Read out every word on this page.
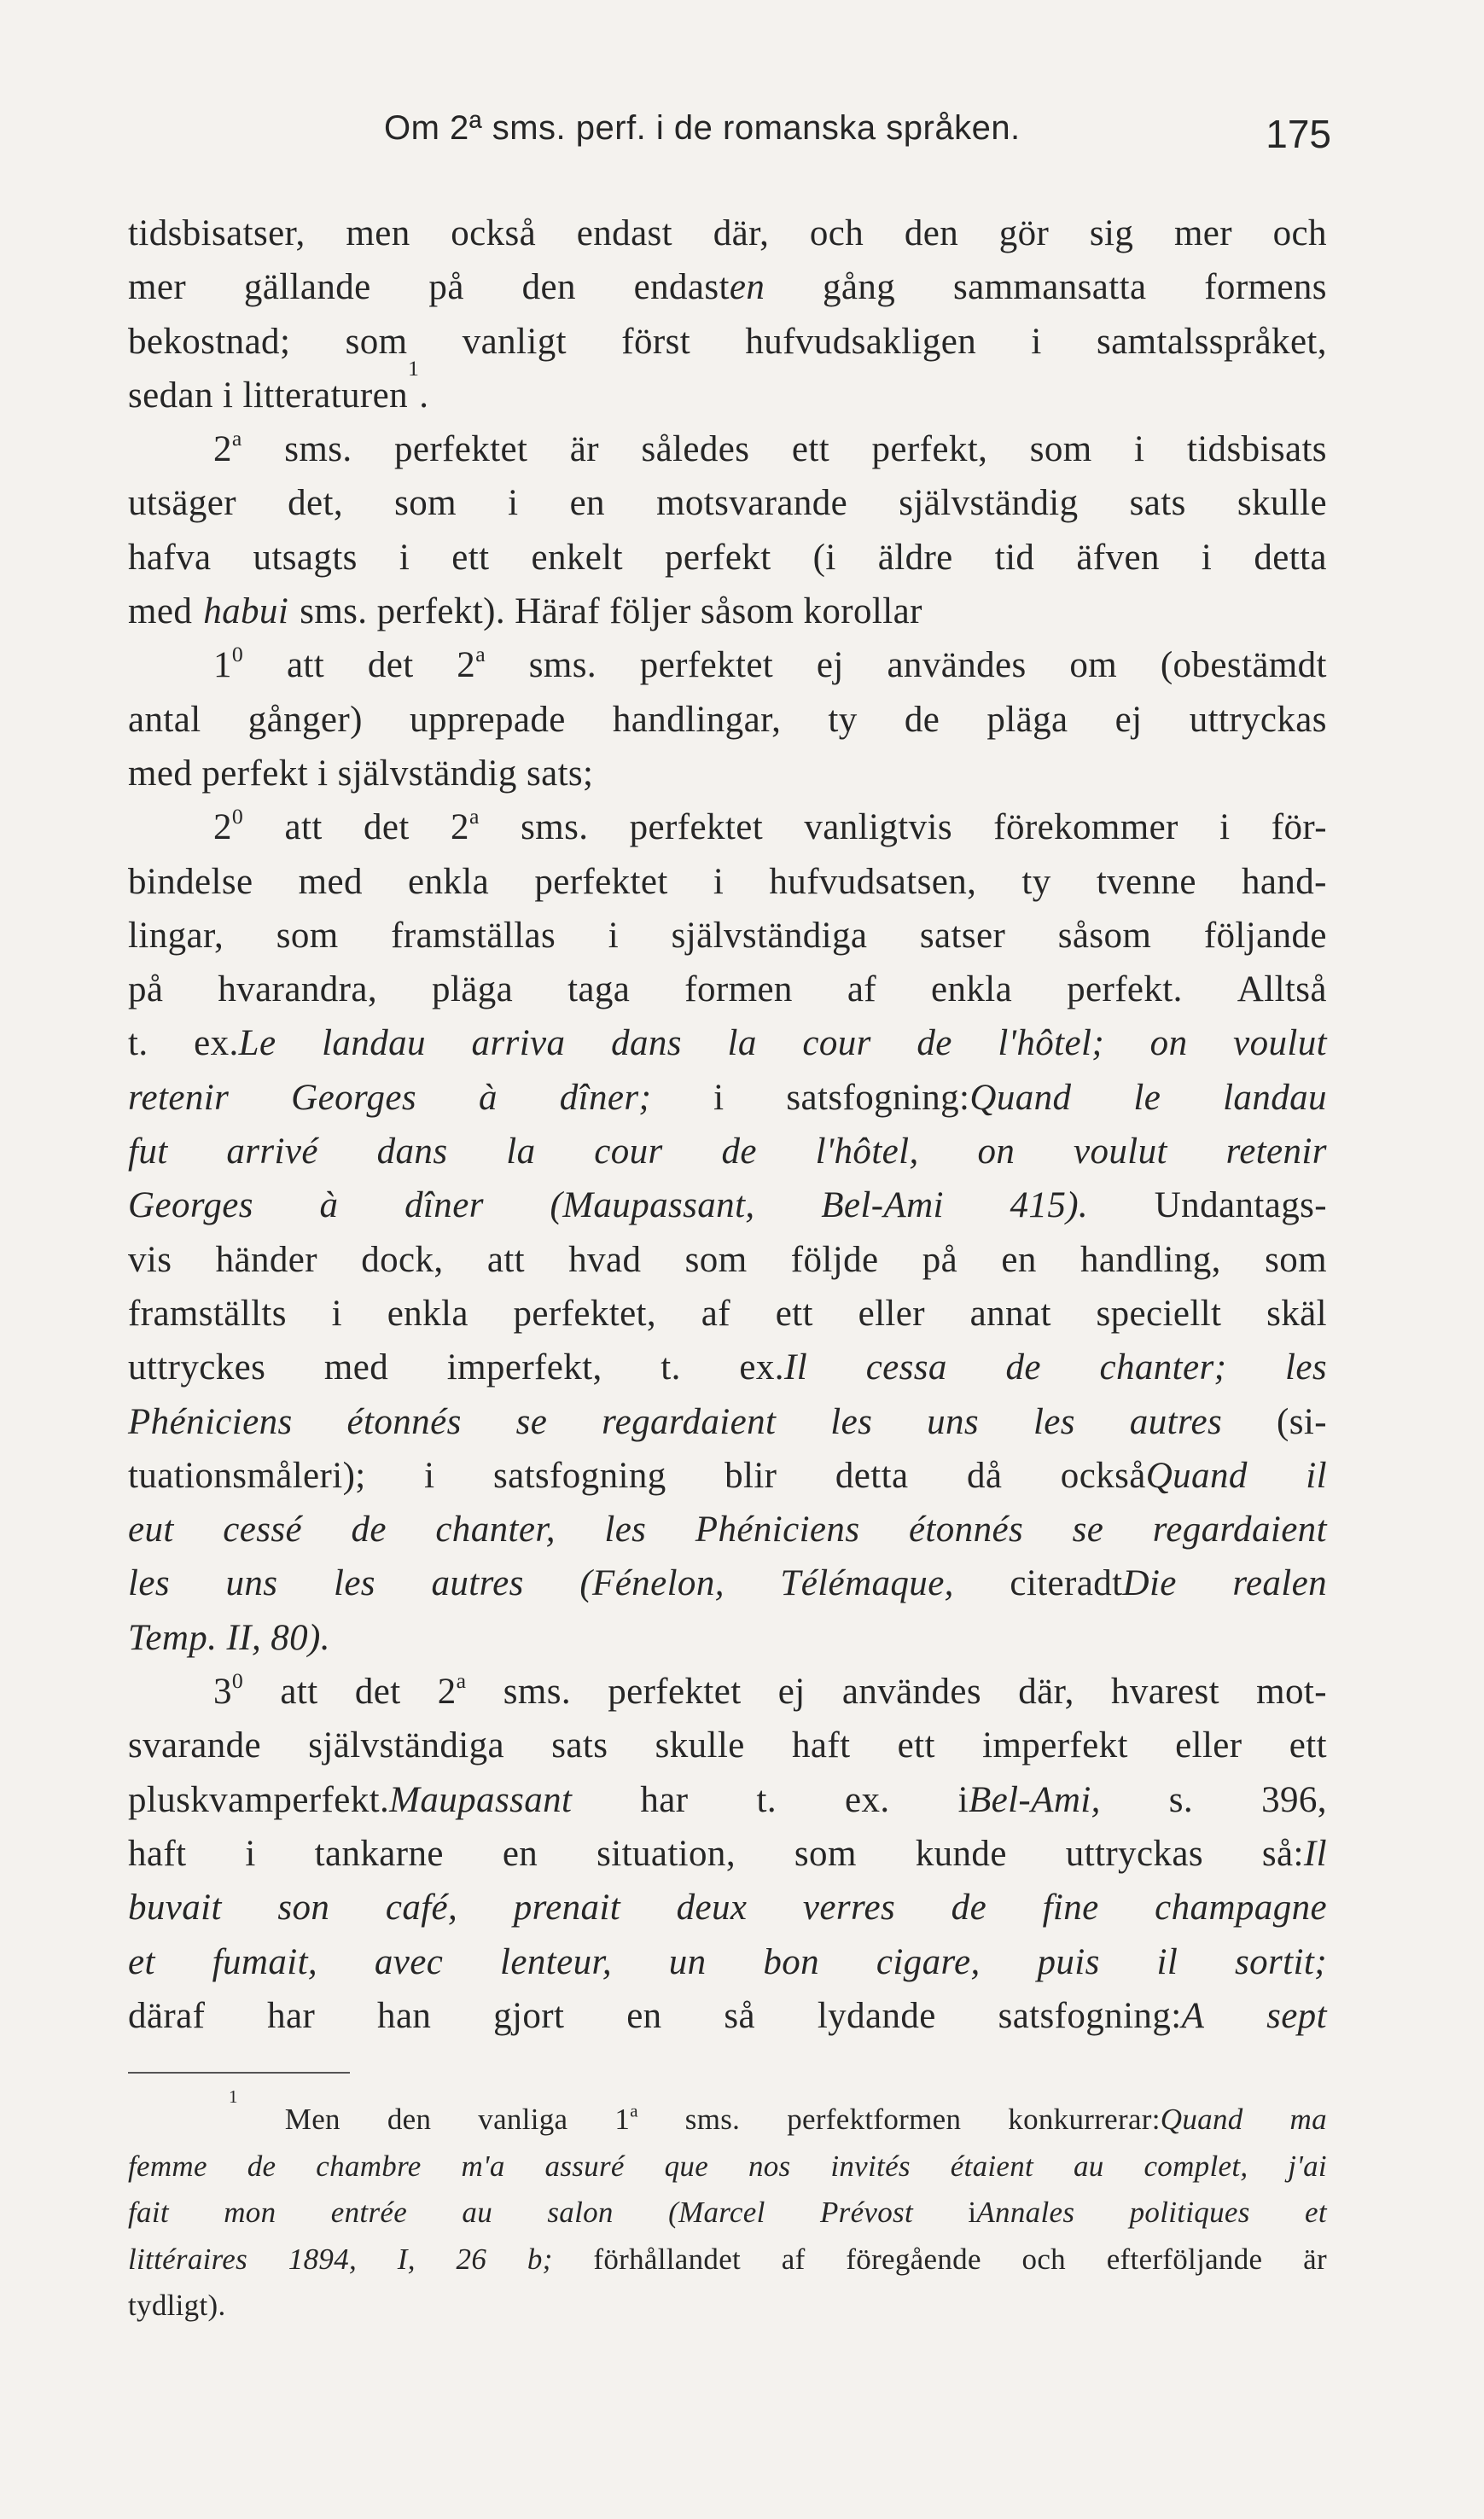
Om 2ª sms. perf. i de romanska språken.	175
tidsbisatser, men också endast där, och den gör sig mer och
mer gällande på den endasten gång sammansatta formens
bekostnad; som vanligt först hufvudsakligen i samtalsspråket,
sedan i litteraturen
1
.
2$^a$ sms. perfektet är således ett perfekt, som i tidsbisats
utsäger det, som i en motsvarande självständig sats skulle
hafva utsagts i ett enkelt perfekt (i äldre tid äfven i detta
med habui sms. perfekt). Häraf följer såsom korollar
$1^0$ att det 2$^a$ sms. perfektet ej användes om (obestämdt
antal gånger) upprepade handlingar, ty de pläga ej uttryckas
med perfekt i självständig sats;
$2^0$ att det 2$^a$ sms. perfektet vanligtvis förekommer i för-
bindelse med enkla perfektet i hufvudsatsen, ty tvenne hand-
lingar, som framställas i självständiga satser såsom följande
på hvarandra, pläga taga formen af enkla perfekt. Alltså
t. ex.Le landau arriva dans la cour de l'hôtel; on voulut
retenir Georges à dîner; i satsfogning:Quand le landau
fut arrivé dans la cour de l'hôtel, on voulut retenir
Georges à dîner (Maupassant, Bel-Ami 415). Undantags-
vis händer dock, att hvad som följde på en handling, som
framställts i enkla perfektet, af ett eller annat speciellt skäl
uttryckes med imperfekt, t. ex.Il cessa de chanter; les
Phéniciens étonnés se regardaient les uns les autres (si-
tuationsmåleri); i satsfogning blir detta då ocksåQuand il
eut cessé de chanter, les Phéniciens étonnés se regardaient
les uns les autres (Fénelon, Télémaque, citeradtDie realen
Temp. II, 80).
$3^0$ att det 2$^a$ sms. perfektet ej användes där, hvarest mot-
svarande självständiga sats skulle haft ett imperfekt eller ett
pluskvamperfekt.Maupassant har t. ex. iBel-Ami, s. 396,
haft i tankarne en situation, som kunde uttryckas så:Il
buvait son café, prenait deux verres de fine champagne
et fumait, avec lenteur, un bon cigare, puis il sortit;
däraf har han gjort en så lydande satsfogning:A sept
1
Men den vanliga 1$^a$ sms. perfektformen konkurrerar:Quand ma
femme de chambre m'a assuré que nos invités étaient au complet, j'ai
fait mon entrée au salon (Marcel Prévost iAnnales politiques et
littéraires 1894, I, 26 b; förhållandet af föregående och efterföljande är
tydligt).
